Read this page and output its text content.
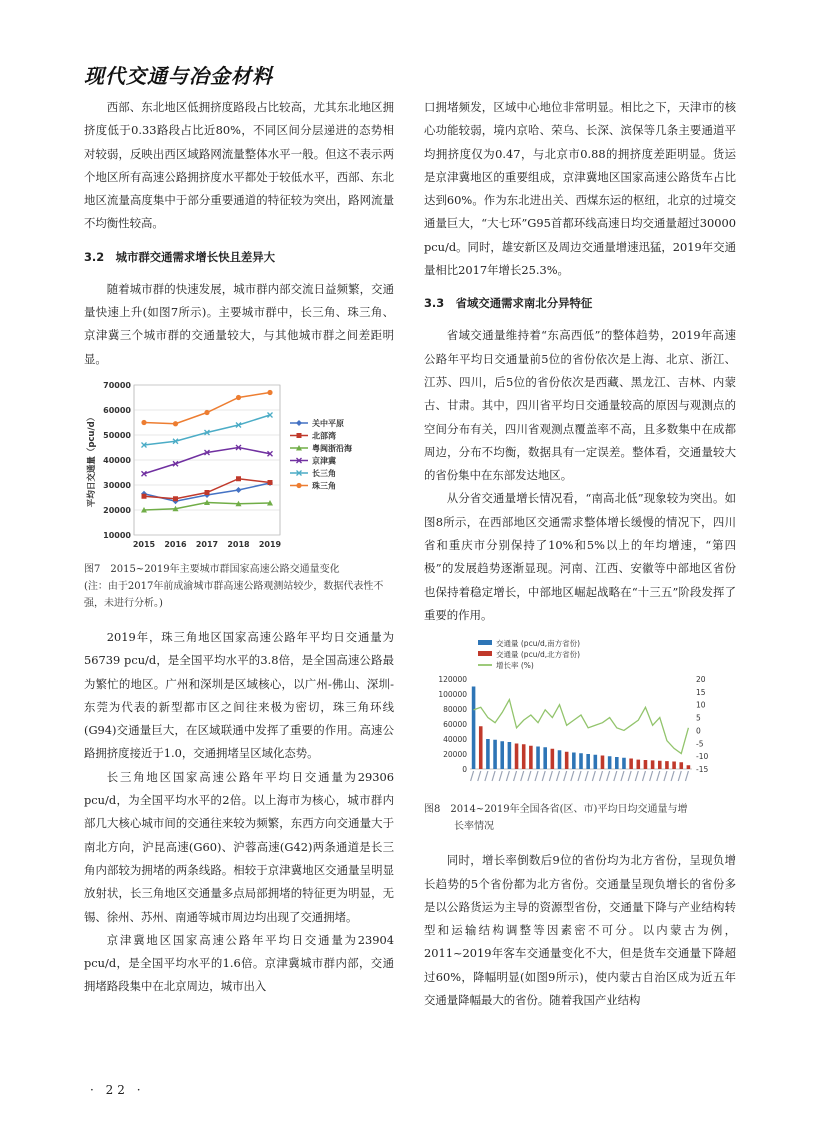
现代交通与冶金材料

西部、东北地区低拥挤度路段占比较高，尤其东北地区拥挤度低于0.33路段占比近80%，不同区间分层递进的态势相对较弱，反映出西区域路网流量整体水平一般。但这不表示两个地区所有高速公路拥挤度水平都处于较低水平，西部、东北地区流量高度集中于部分重要通道的特征较为突出，路网流量不均衡性较高。

3.2　城市群交通需求增长快且差异大

随着城市群的快速发展，城市群内部交流日益频繁，交通量快速上升(如图7所示)。主要城市群中，长三角、珠三角、京津冀三个城市群的交通量较大，与其他城市群之间差距明显。

10000
20000
30000
40000
50000
60000
70000
2015 2016 2017 2018 2019
平均日交通量（pcu/d）	关中平原
北部湾
粤闽浙沿海
京津冀
长三角
珠三角

图7　2015~2019年主要城市群国家高速公路交通量变化

(注：由于2017年前成渝城市群高速公路观测站较少，数据代表性不强，未进行分析。)

2019年，珠三角地区国家高速公路年平均日交通量为56739 pcu/d，是全国平均水平的3.8倍，是全国高速公路最为繁忙的地区。广州和深圳是区域核心，以广州-佛山、深圳-东莞为代表的新型都市区之间往来极为密切，珠三角环线(G94)交通量巨大，在区域联通中发挥了重要的作用。高速公路拥挤度接近于1.0，交通拥堵呈区域化态势。

长三角地区国家高速公路年平均日交通量为29306 pcu/d，为全国平均水平的2倍。以上海市为核心，城市群内部几大核心城市间的交通往来较为频繁，东西方向交通量大于南北方向，沪昆高速(G60)、沪蓉高速(G42)两条通道是长三角内部较为拥堵的两条线路。相较于京津冀地区交通量呈明显放射状，长三角地区交通量多点局部拥堵的特征更为明显，无锡、徐州、苏州、南通等城市周边均出现了交通拥堵。

京津冀地区国家高速公路年平均日交通量为23904 pcu/d，是全国平均水平的1.6倍。京津冀城市群内部，交通拥堵路段集中在北京周边，城市出入

口拥堵频发，区域中心地位非常明显。相比之下，天津市的核心功能较弱，境内京哈、荣乌、长深、滨保等几条主要通道平均拥挤度仅为0.47，与北京市0.88的拥挤度差距明显。货运是京津冀地区的重要组成，京津冀地区国家高速公路货车占比达到60%。作为东北进出关、西煤东运的枢纽，北京的过境交通量巨大，“大七环”G95首都环线高速日均交通量超过30000 pcu/d。同时，雄安新区及周边交通量增速迅猛，2019年交通量相比2017年增长25.3%。

3.3　省域交通需求南北分异特征

省域交通量维持着“东高西低”的整体趋势，2019年高速公路年平均日交通量前5位的省份依次是上海、北京、浙江、江苏、四川，后5位的省份依次是西藏、黑龙江、吉林、内蒙古、甘肃。其中，四川省平均日交通量较高的原因与观测点的空间分布有关，四川省观测点覆盖率不高，且多数集中在成都周边，分布不均衡，数据具有一定误差。整体看，交通量较大的省份集中在东部发达地区。

从分省交通量增长情况看，“南高北低”现象较为突出。如图8所示，在西部地区交通需求整体增长缓慢的情况下，四川省和重庆市分别保持了10%和5%以上的年均增速，“第四极”的发展趋势逐渐显现。河南、江西、安徽等中部地区省份也保持着稳定增长，中部地区崛起战略在“十三五”阶段发挥了重要的作用。

交通量 (pcu/d,南方省份)
交通量 (pcu/d,北方省份)
增长率 (%)
0
20000
40000
60000
80000
100000
120000
-15
-10
-5
0
5
10
15
20

图8　2014~2019年全国各省(区、市)平均日均交通量与增

长率情况

同时，增长率倒数后9位的省份均为北方省份，呈现负增长趋势的5个省份都为北方省份。交通量呈现负增长的省份多是以公路货运为主导的资源型省份，交通量下降与产业结构转型和运输结构调整等因素密不可分。以内蒙古为例，2011~2019年客车交通量变化不大，但是货车交通量下降超过60%，降幅明显(如图9所示)，使内蒙古自治区成为近五年交通量降幅最大的省份。随着我国产业结构

· 22 ·
